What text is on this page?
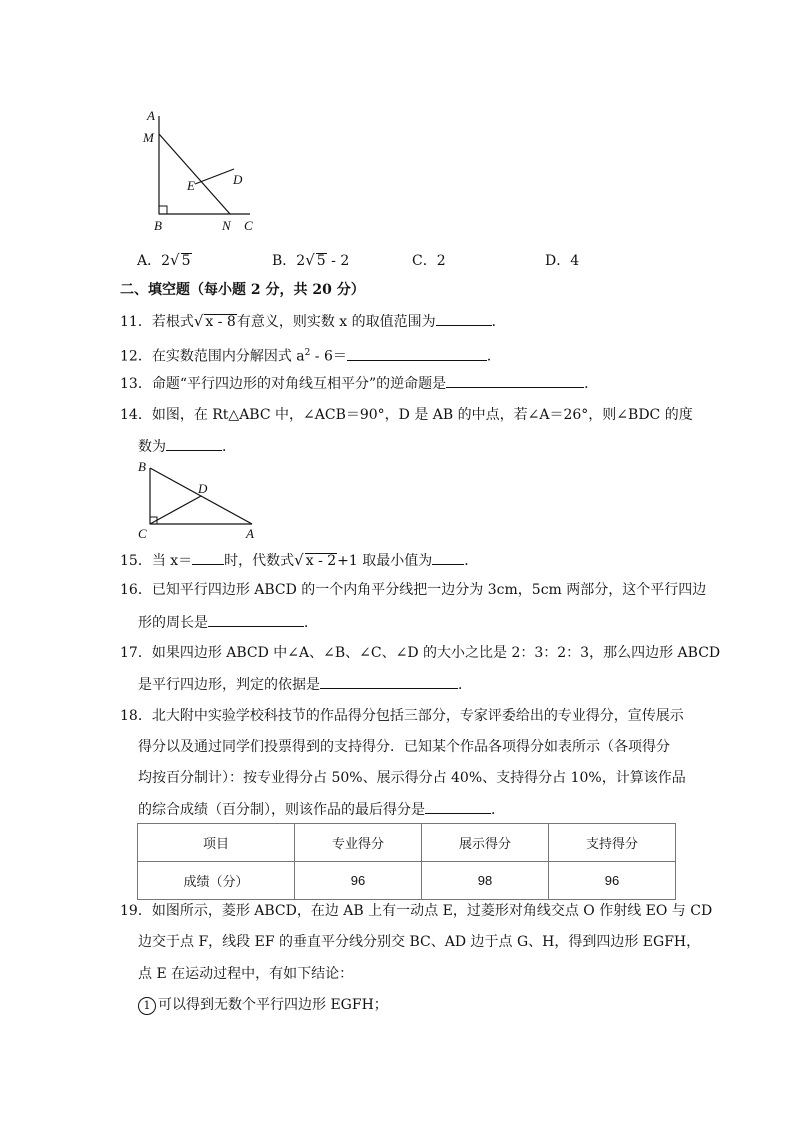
A
M
E	D
B	N C
A．2√ 5	B．2√ 5 - 2	C．2	D．4
二、填空题（每小题 2 分，共 20 分）
11．若根式√ x - 8有意义，则实数 x 的取值范围为	．
12．在实数范围内分解因式 $a^2 - 6=$	．
13．命题“平行四边形的对角线互相平分”的逆命题是	．
14．如图，在 Rt△ABC 中，∠ACB＝90°，D 是 AB 的中点，若∠A＝26°，则∠BDC 的度
数为	．
B
D
C	A
15．当 x＝ 时，代数式√ x - 2+1 取最小值为 ．
16．已知平行四边形 ABCD 的一个内角平分线把一边分为 3cm，5cm 两部分，这个平行四边
形的周长是	．
17．如果四边形 ABCD 中∠A、∠B、∠C、∠D 的大小之比是 2：3：2：3，那么四边形 ABCD
是平行四边形，判定的依据是	．
18．北大附中实验学校科技节的作品得分包括三部分，专家评委给出的专业得分，宣传展示
得分以及通过同学们投票得到的支持得分．已知某个作品各项得分如表所示（各项得分
均按百分制计）：按专业得分占 50%、展示得分占 40%、支持得分占 10%，计算该作品
的综合成绩（百分制），则该作品的最后得分是	．
项目	专业得分	展示得分	支持得分
成绩（分）	96	98	96
19．如图所示，菱形 ABCD，在边 AB 上有一动点 E，过菱形对角线交点 O 作射线 EO 与 CD
边交于点 F，线段 EF 的垂直平分线分别交 BC、AD 边于点 G、H，得到四边形 EGFH，
点 E 在运动过程中，有如下结论：
1 可以得到无数个平行四边形 EGFH；
